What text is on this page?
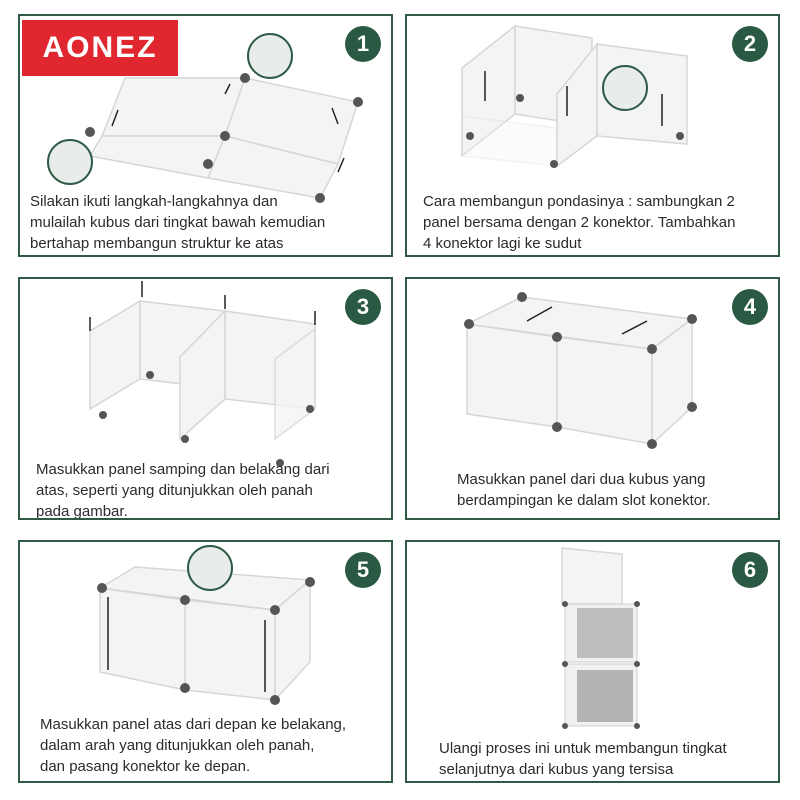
AONEZ	1
Silakan ikuti langkah-langkahnya dan
mulailah kubus dari tingkat bawah kemudian
bertahap membangun struktur ke atas
2
Cara membangun pondasinya : sambungkan 2
panel bersama dengan 2 konektor. Tambahkan
4 konektor lagi ke sudut
3
Masukkan panel samping dan belakang dari
atas, seperti yang ditunjukkan oleh panah
pada gambar.
4
Masukkan panel dari dua kubus yang
berdampingan ke dalam slot konektor.
5
Masukkan panel atas dari depan ke belakang,
dalam arah yang ditunjukkan oleh panah,
dan pasang konektor ke depan.
6
Ulangi proses ini untuk membangun tingkat
selanjutnya dari kubus yang tersisa
